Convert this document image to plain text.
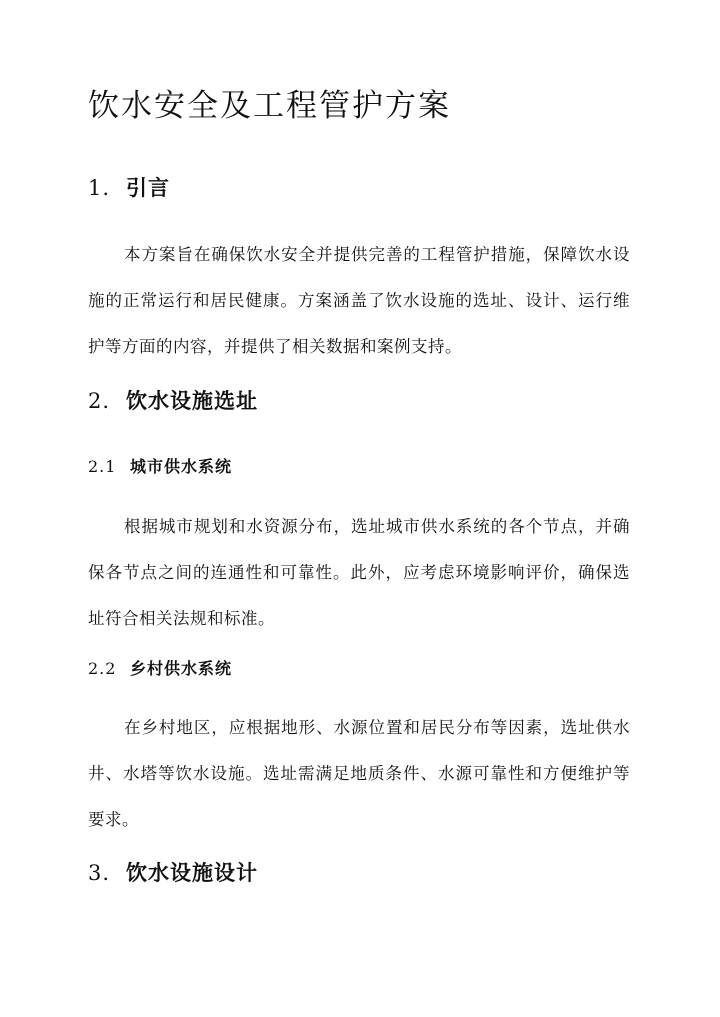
饮水安全及工程管护方案
1. 引言

本方案旨在确保饮水安全并提供完善的工程管护措施，保障饮水设施的正常运行和居民健康。方案涵盖了饮水设施的选址、设计、运行维护等方面的内容，并提供了相关数据和案例支持。

2. 饮水设施选址
2.1 城市供水系统

根据城市规划和水资源分布，选址城市供水系统的各个节点，并确保各节点之间的连通性和可靠性。此外，应考虑环境影响评价，确保选址符合相关法规和标准。

2.2 乡村供水系统

在乡村地区，应根据地形、水源位置和居民分布等因素，选址供水井、水塔等饮水设施。选址需满足地质条件、水源可靠性和方便维护等要求。

3. 饮水设施设计
